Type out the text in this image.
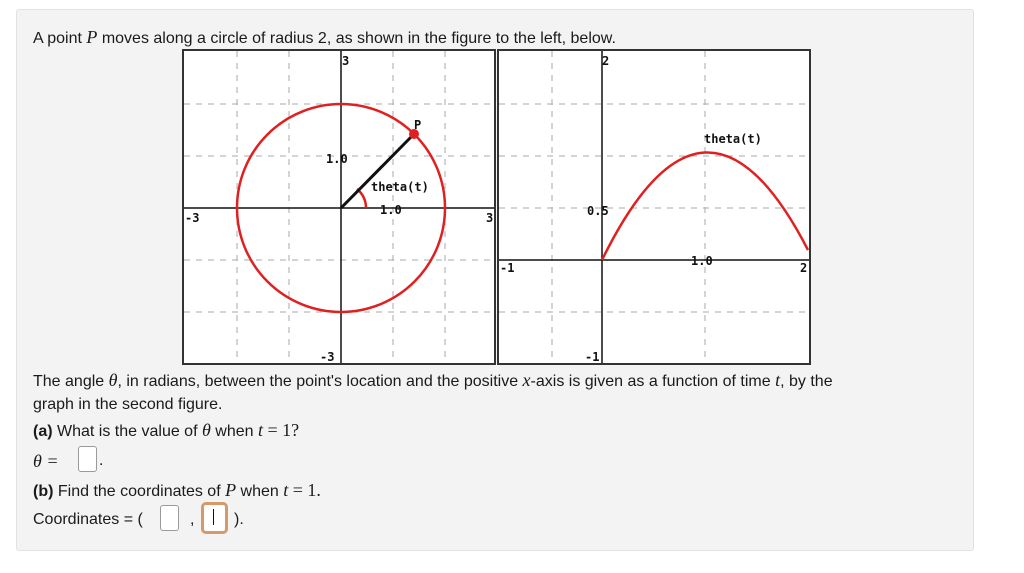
A point P moves along a circle of radius 2, as shown in the figure to the left, below.
3
-3
-3	3
1.0
1.0
P
theta(t)
2
-1
-1	2
0.5
1.0
theta(t)
The angle θ, in radians, between the point's location and the positive x-axis is given as a function of time t, by the
graph in the second figure.
(a) What is the value of θ when t = 1?
θ =	.
(b) Find the coordinates of P when t = 1.
Coordinates = (	, ).
